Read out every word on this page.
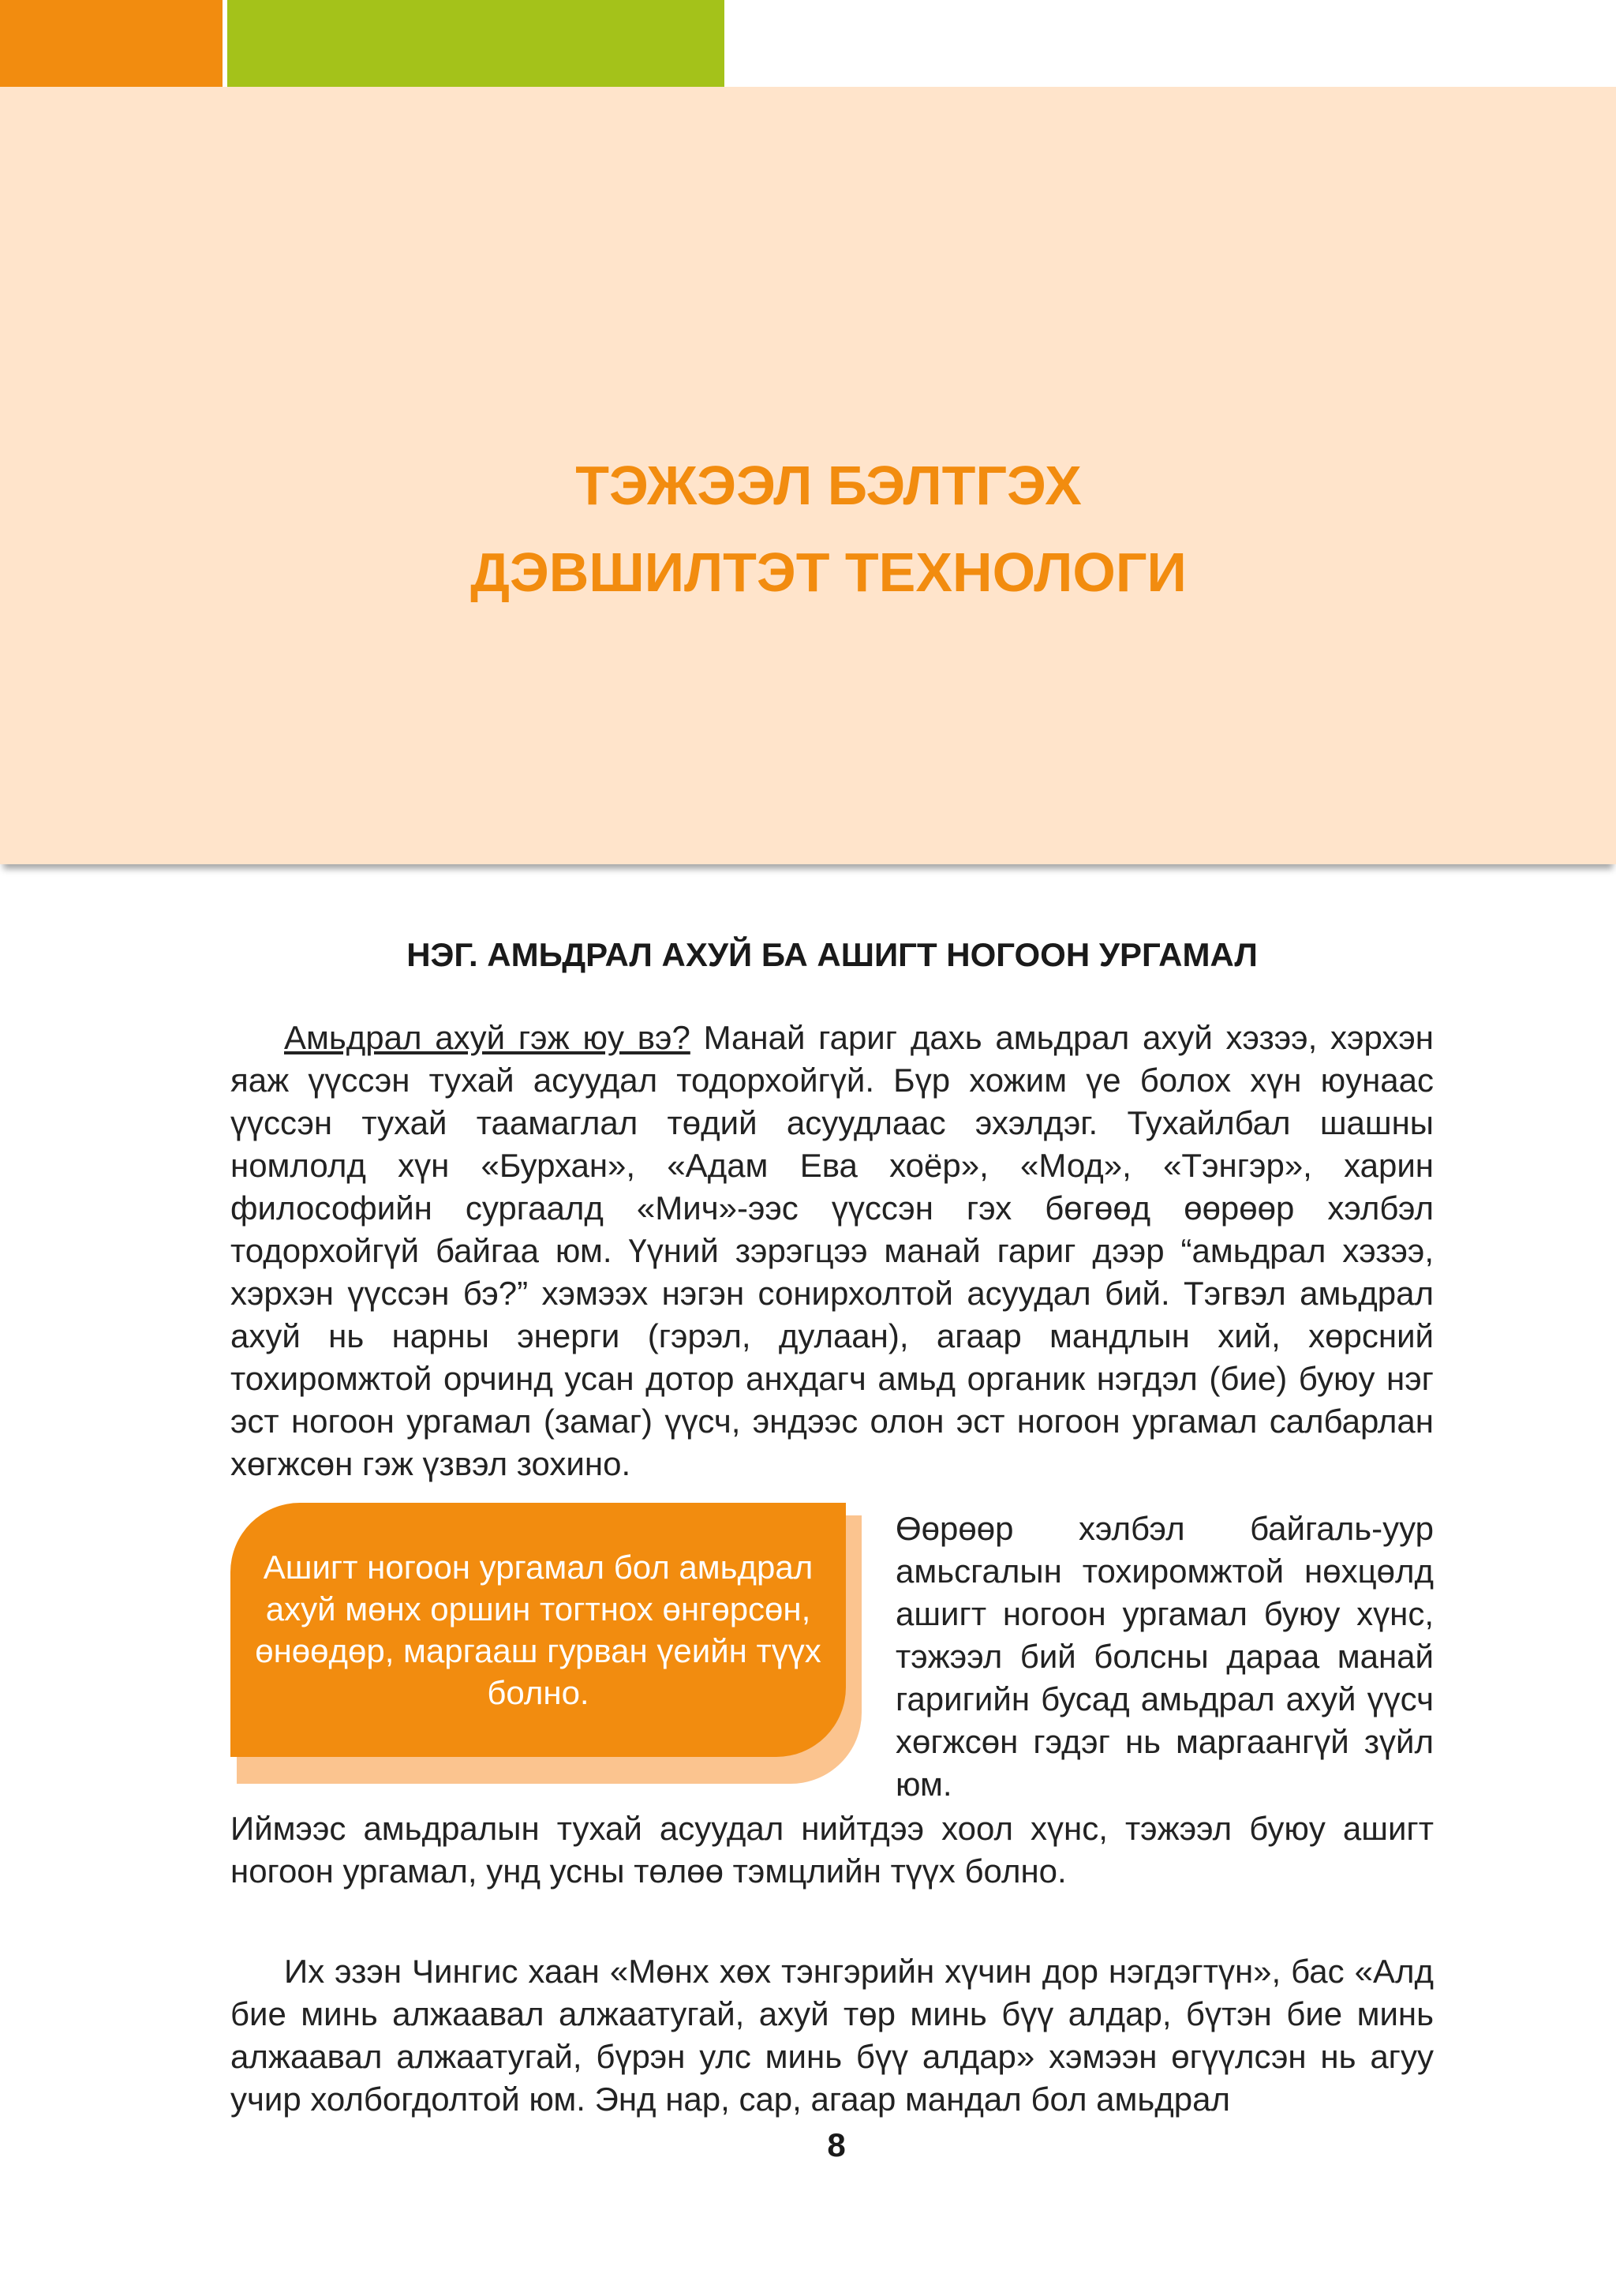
ТЭЖЭЭЛ БЭЛТГЭХ
ДЭВШИЛТЭТ ТЕХНОЛОГИ
НЭГ. АМЬДРАЛ АХУЙ БА АШИГТ НОГООН УРГАМАЛ

Амьдрал ахуй гэж юу вэ? Манай гариг дахь амьдрал ахуй хэзээ, хэрхэн яаж үүссэн тухай асуудал тодорхойгүй. Бүр хожим үе болох хүн юунаас үүссэн тухай таамаглал төдий асуудлаас эхэлдэг. Тухайлбал шашны номлолд хүн «Бурхан», «Адам Ева хоёр», «Мод», «Тэнгэр», харин философийн сургаалд «Мич»-ээс үүссэн гэх бөгөөд өөрөөр хэлбэл тодорхойгүй байгаа юм. Үүний зэрэгцээ манай гариг дээр “амьдрал хэзээ, хэрхэн үүссэн бэ?” хэмээх нэгэн сонирхолтой асуудал бий. Тэгвэл амьдрал ахуй нь нарны энерги (гэрэл, дулаан), агаар мандлын хий, хөрсний тохиромжтой орчинд усан дотор анхдагч амьд органик нэгдэл (бие) буюу нэг эст ногоон ургамал (замаг) үүсч, эндээс олон эст ногоон ургамал салбарлан хөгжсөн гэж үзвэл зохино.

Ашигт ногоон ургамал бол амьдрал ахуй мөнх оршин тогтнох өнгөрсөн, өнөөдөр, маргааш гурван үеийн түүх болно.

Өөрөөр хэлбэл байгаль-уур амьсгалын тохиромжтой нөхцөлд ашигт ногоон ургамал буюу хүнс, тэжээл бий болсны дараа манай гаригийн бусад амьдрал ахуй үүсч хөгжсөн гэдэг нь маргаангүй зүйл юм.

Иймээс амьдралын тухай асуудал нийтдээ хоол хүнс, тэжээл буюу ашигт ногоон ургамал, унд усны төлөө тэмцлийн түүх болно.

Их эзэн Чингис хаан «Мөнх хөх тэнгэрийн хүчин дор нэгдэгтүн», бас «Алд бие минь алжаавал алжаатугай, ахуй төр минь бүү алдар, бүтэн бие минь алжаавал алжаатугай, бүрэн улс минь бүү алдар» хэмээн өгүүлсэн нь агуу учир холбогдолтой юм. Энд нар, сар, агаар мандал бол амьдрал

8
